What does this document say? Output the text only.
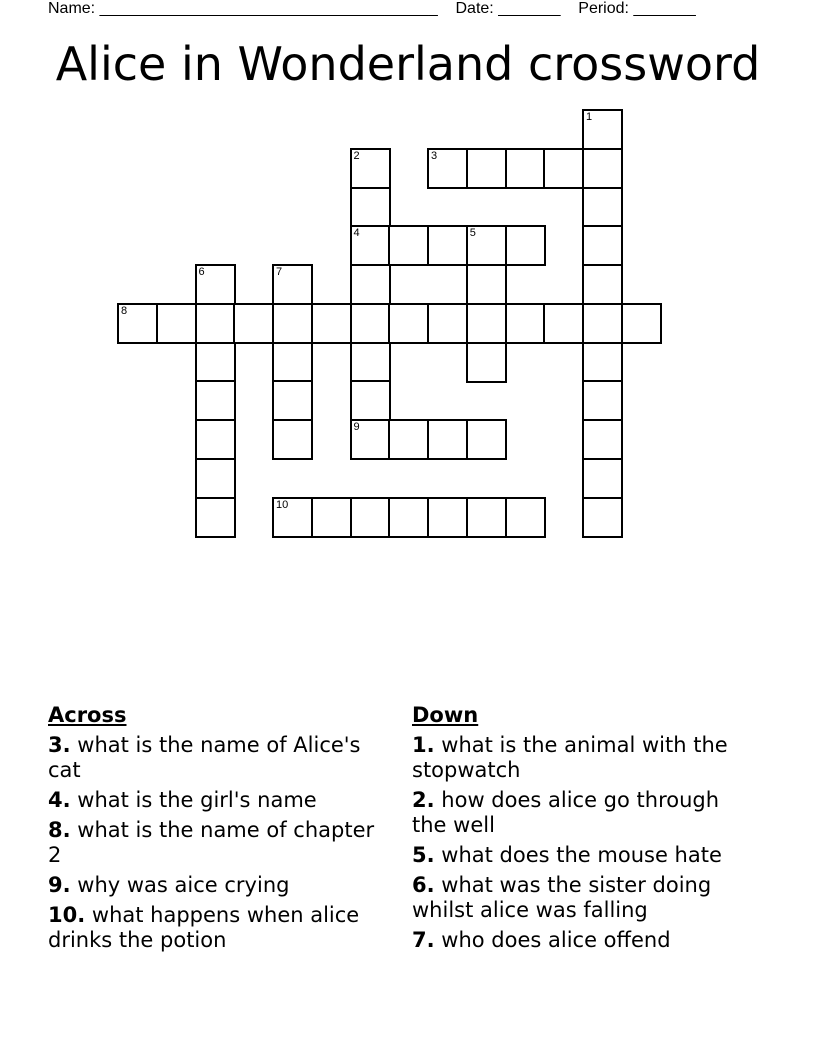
Name: ______________________________________ Date: _______ Period: _______
Alice in Wonderland crossword
1
2	3
4	5
6	7
8
9
10
Across
3. what is the name of Alice's cat
4. what is the girl's name
8. what is the name of chapter 2
9. why was aice crying
10. what happens when alice drinks the potion
Down
1. what is the animal with the stopwatch
2. how does alice go through the well
5. what does the mouse hate
6. what was the sister doing whilst alice was falling
7. who does alice offend
